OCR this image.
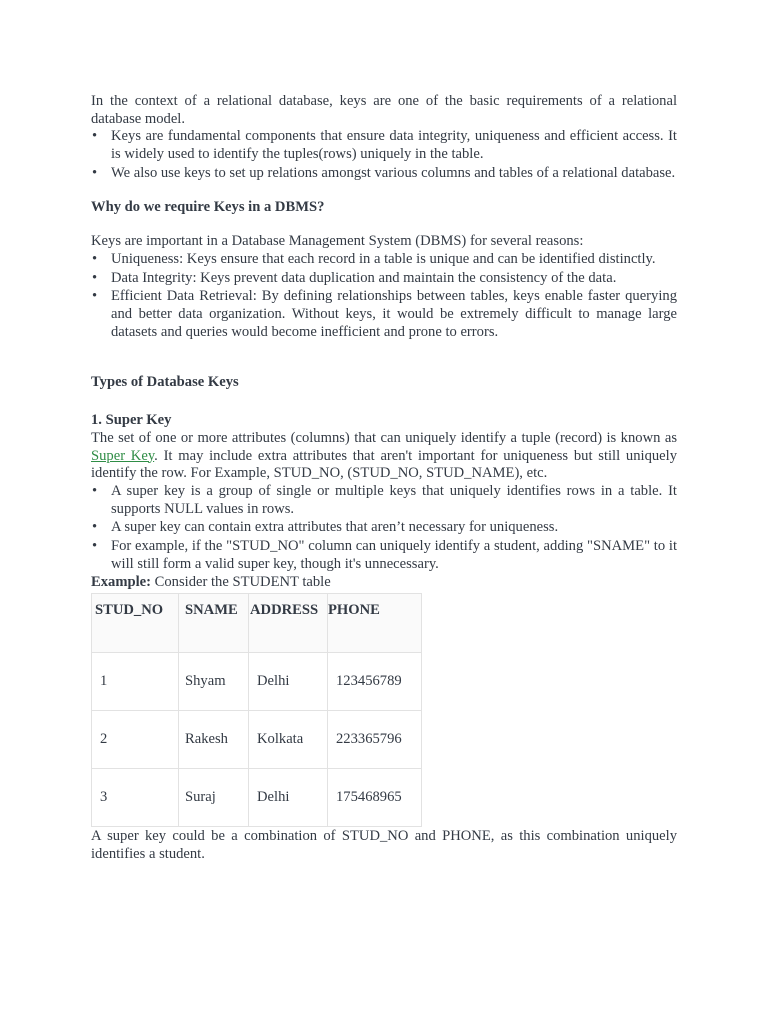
In the context of a relational database, keys are one of the basic requirements of a relational database model.

• Keys are fundamental components that ensure data integrity, uniqueness and efficient access. It is widely used to identify the tuples(rows) uniquely in the table.
• We also use keys to set up relations amongst various columns and tables of a relational database.

Why do we require Keys in a DBMS?

Keys are important in a Database Management System (DBMS) for several reasons:

• Uniqueness: Keys ensure that each record in a table is unique and can be identified distinctly.
• Data Integrity: Keys prevent data duplication and maintain the consistency of the data.
• Efficient Data Retrieval: By defining relationships between tables, keys enable faster querying and better data organization. Without keys, it would be extremely difficult to manage large datasets and queries would become inefficient and prone to errors.

Types of Database Keys

1. Super Key

The set of one or more attributes (columns) that can uniquely identify a tuple (record) is known as Super Key. It may include extra attributes that aren't important for uniqueness but still uniquely identify the row. For Example, STUD_NO, (STUD_NO, STUD_NAME), etc.

• A super key is a group of single or multiple keys that uniquely identifies rows in a table. It supports NULL values in rows.
• A super key can contain extra attributes that aren’t necessary for uniqueness.
• For example, if the "STUD_NO" column can uniquely identify a student, adding "SNAME" to it will still form a valid super key, though it's unnecessary.

Example: Consider the STUDENT table

STUD_NO	SNAME	ADDRESS	PHONE
1	Shyam	Delhi	123456789
2	Rakesh	Kolkata	223365796
3	Suraj	Delhi	175468965

A super key could be a combination of STUD_NO and PHONE, as this combination uniquely identifies a student.
